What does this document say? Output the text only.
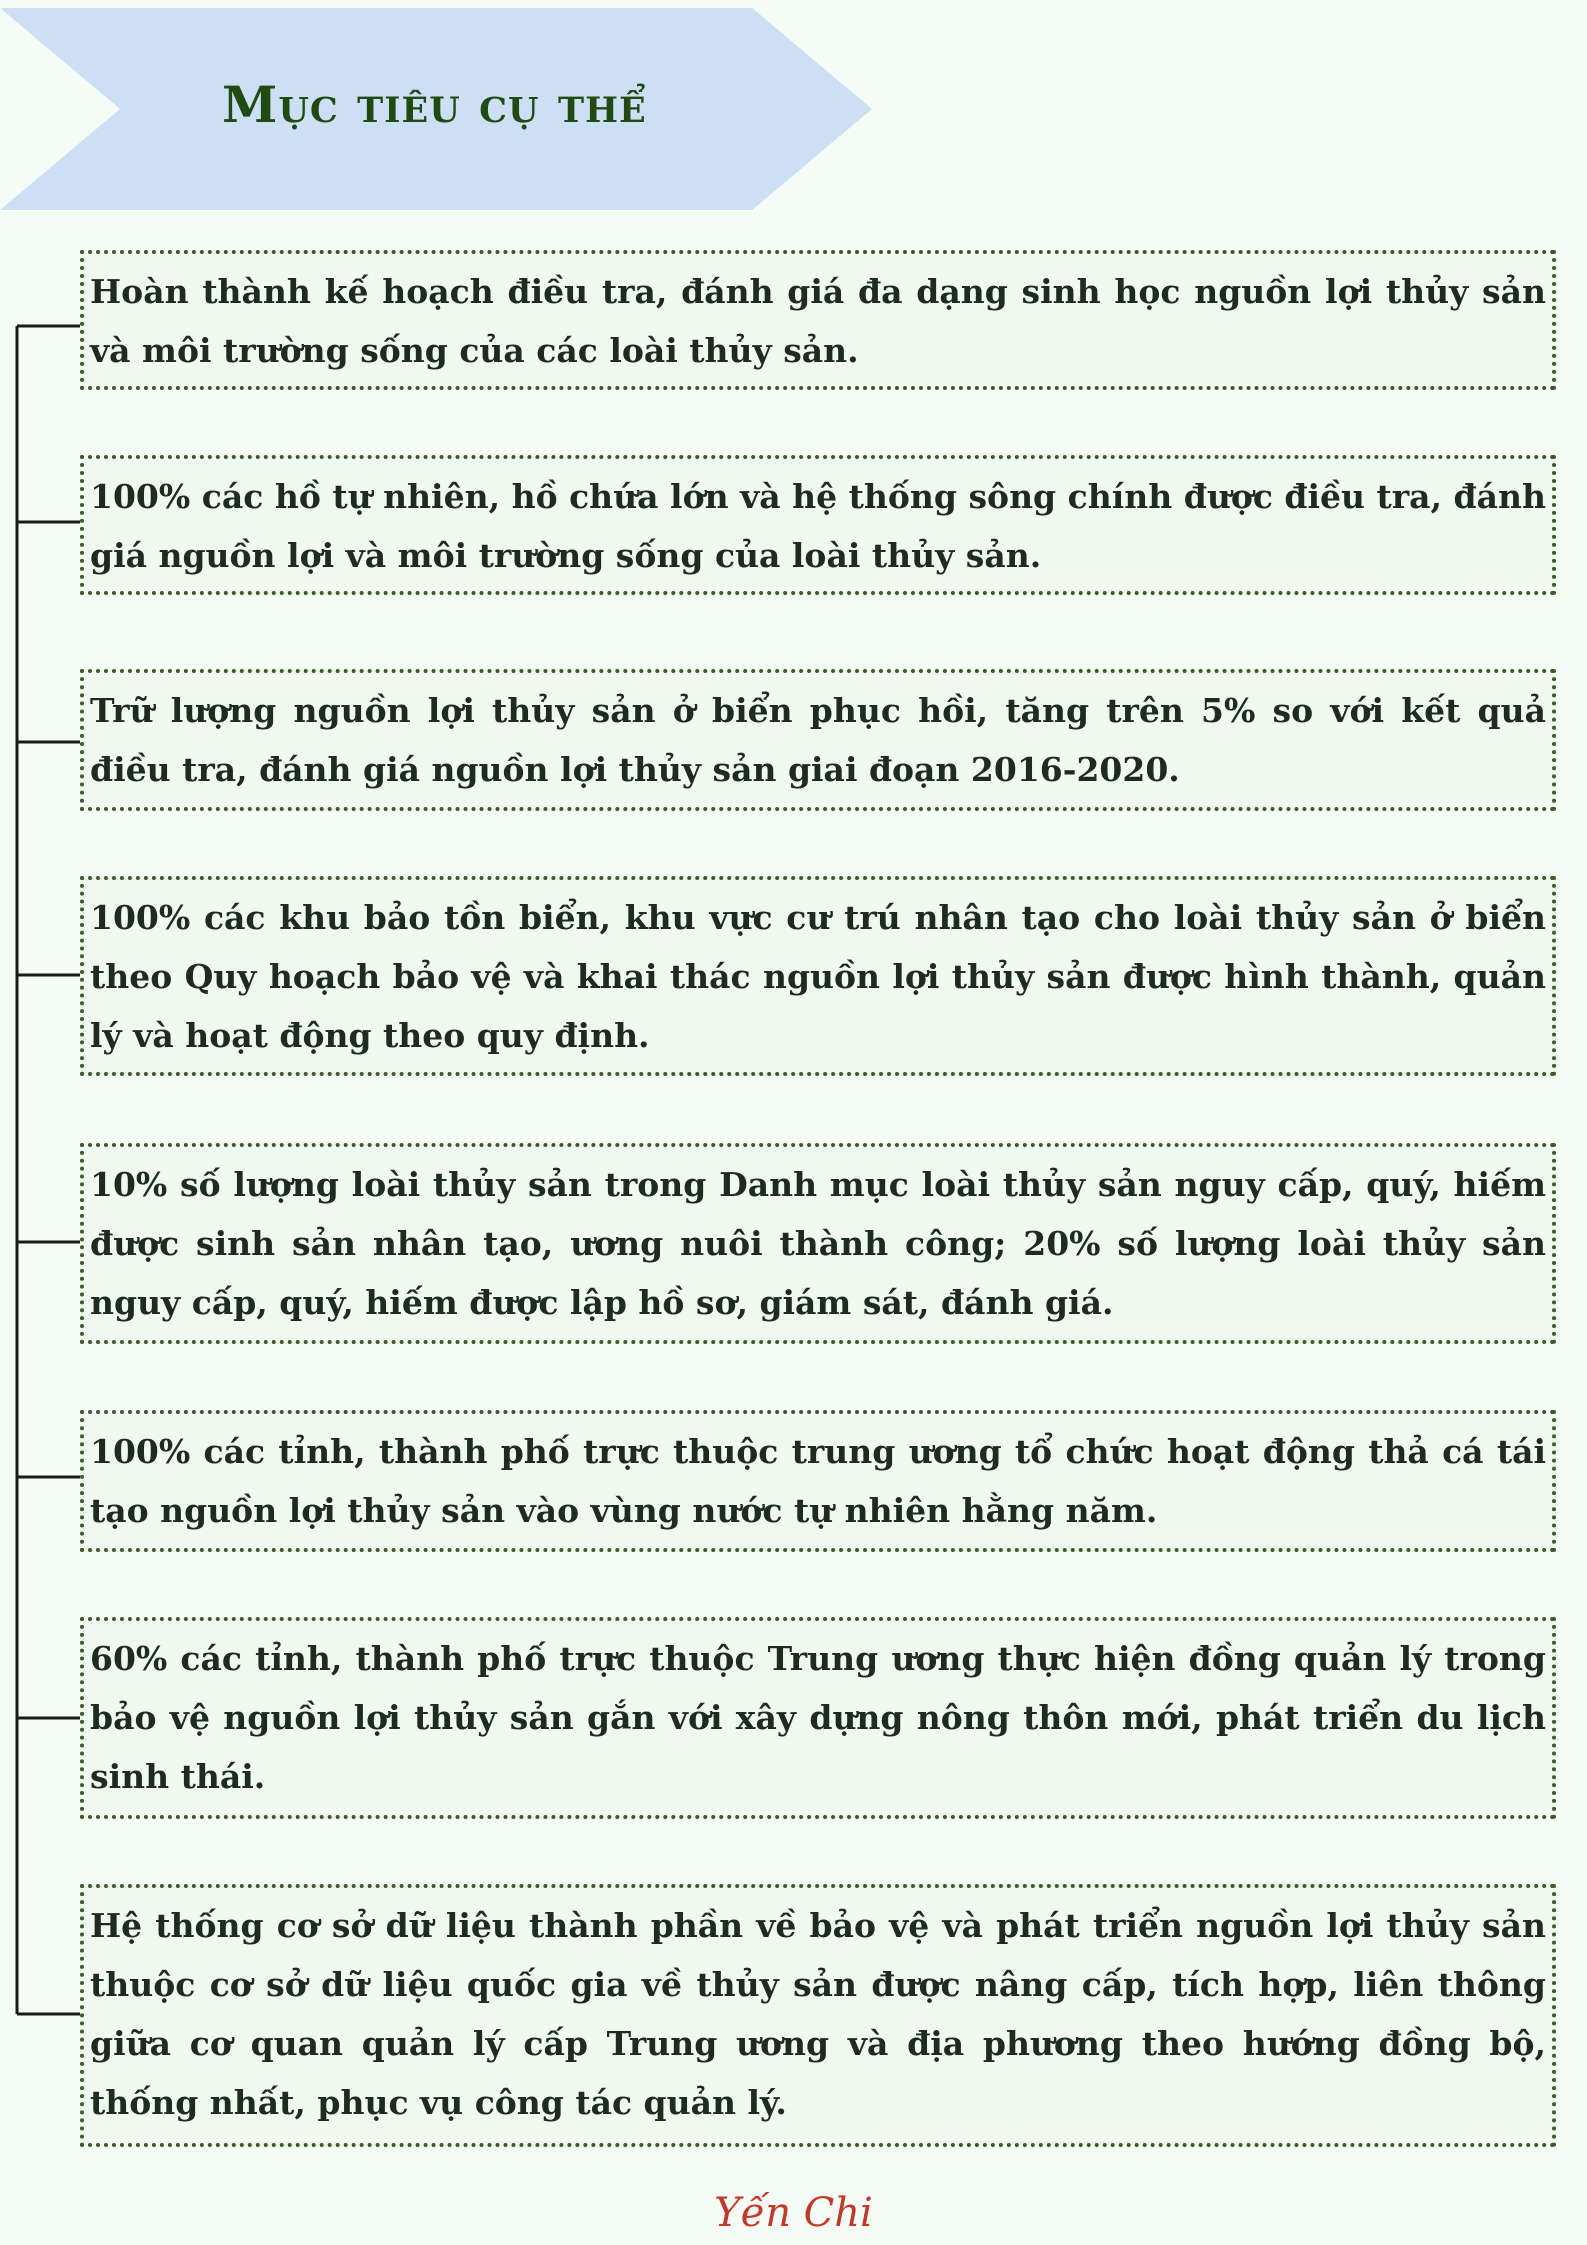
Mục tiêu cụ thể
Hoàn thành kế hoạch điều tra, đánh giá đa dạng sinh học nguồn lợi thủy sản và môi trường sống của các loài thủy sản.
100% các hồ tự nhiên, hồ chứa lớn và hệ thống sông chính được điều tra, đánh giá nguồn lợi và môi trường sống của loài thủy sản.
Trữ lượng nguồn lợi thủy sản ở biển phục hồi, tăng trên 5% so với kết quả điều tra, đánh giá nguồn lợi thủy sản giai đoạn 2016-2020.
100% các khu bảo tồn biển, khu vực cư trú nhân tạo cho loài thủy sản ở biển theo Quy hoạch bảo vệ và khai thác nguồn lợi thủy sản được hình thành, quản lý và hoạt động theo quy định.
10% số lượng loài thủy sản trong Danh mục loài thủy sản nguy cấp, quý, hiếm được sinh sản nhân tạo, ương nuôi thành công; 20% số lượng loài thủy sản nguy cấp, quý, hiếm được lập hồ sơ, giám sát, đánh giá.
100% các tỉnh, thành phố trực thuộc trung ương tổ chức hoạt động thả cá tái tạo nguồn lợi thủy sản vào vùng nước tự nhiên hằng năm.
60% các tỉnh, thành phố trực thuộc Trung ương thực hiện đồng quản lý trong bảo vệ nguồn lợi thủy sản gắn với xây dựng nông thôn mới, phát triển du lịch sinh thái.
Hệ thống cơ sở dữ liệu thành phần về bảo vệ và phát triển nguồn lợi thủy sản thuộc cơ sở dữ liệu quốc gia về thủy sản được nâng cấp, tích hợp, liên thông giữa cơ quan quản lý cấp Trung ương và địa phương theo hướng đồng bộ, thống nhất, phục vụ công tác quản lý.
Yến Chi
